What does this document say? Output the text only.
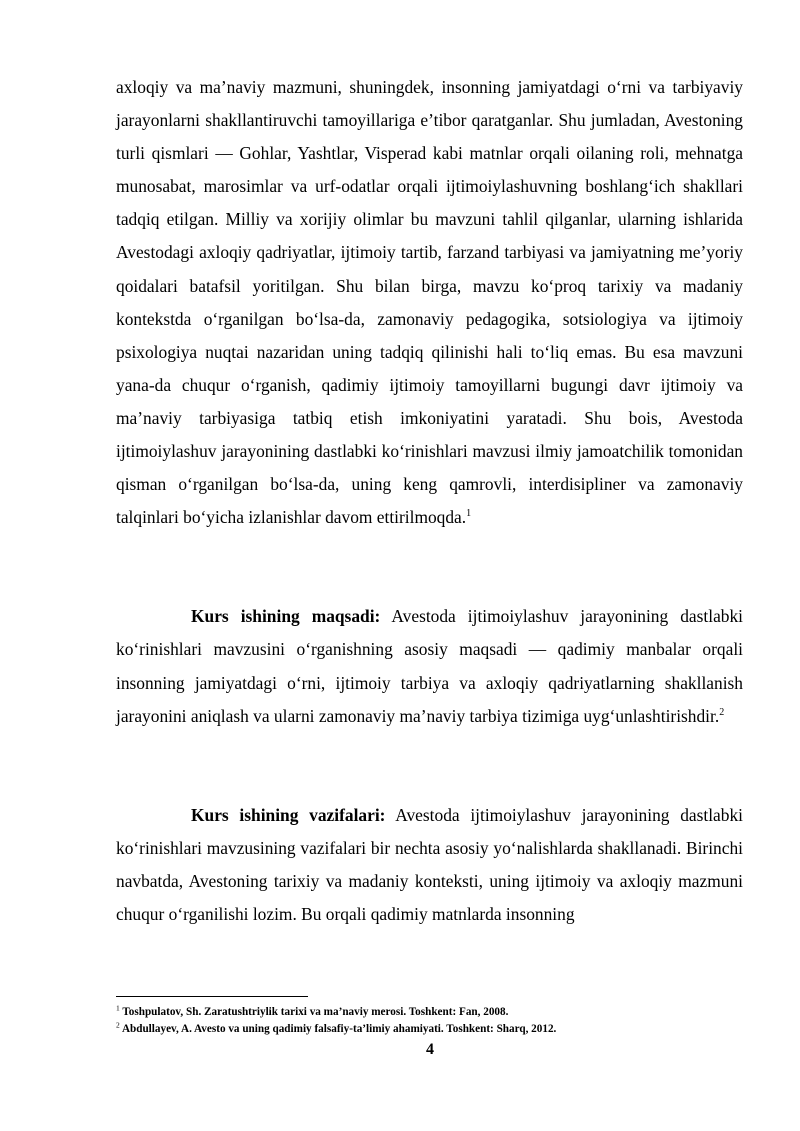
axloqiy va ma’naviy mazmuni, shuningdek, insonning jamiyatdagi o‘rni va tarbiyaviy jarayonlarni shakllantiruvchi tamoyillariga e’tibor qaratganlar. Shu jumladan, Avestoning turli qismlari — Gohlar, Yashtlar, Visperad kabi matnlar orqali oilaning roli, mehnatga munosabat, marosimlar va urf-odatlar orqali ijtimoiylashuvning boshlang‘ich shakllari tadqiq etilgan. Milliy va xorijiy olimlar bu mavzuni tahlil qilganlar, ularning ishlarida Avestodagi axloqiy qadriyatlar, ijtimoiy tartib, farzand tarbiyasi va jamiyatning me’yoriy qoidalari batafsil yoritilgan. Shu bilan birga, mavzu ko‘proq tarixiy va madaniy kontekstda o‘rganilgan bo‘lsa-da, zamonaviy pedagogika, sotsiologiya va ijtimoiy psixologiya nuqtai nazaridan uning tadqiq qilinishi hali to‘liq emas. Bu esa mavzuni yana-da chuqur o‘rganish, qadimiy ijtimoiy tamoyillarni bugungi davr ijtimoiy va ma’naviy tarbiyasiga tatbiq etish imkoniyatini yaratadi. Shu bois, Avestoda ijtimoiylashuv jarayonining dastlabki ko‘rinishlari mavzusi ilmiy jamoatchilik tomonidan qisman o‘rganilgan bo‘lsa-da, uning keng qamrovli, interdisipliner va zamonaviy talqinlari bo‘yicha izlanishlar davom ettirilmoqda.$^1$

Kurs ishining maqsadi: Avestoda ijtimoiylashuv jarayonining dastlabki ko‘rinishlari mavzusini o‘rganishning asosiy maqsadi — qadimiy manbalar orqali insonning jamiyatdagi o‘rni, ijtimoiy tarbiya va axloqiy qadriyatlarning shakllanish jarayonini aniqlash va ularni zamonaviy ma’naviy tarbiya tizimiga uyg‘unlashtirishdir.$^2$

Kurs ishining vazifalari: Avestoda ijtimoiylashuv jarayonining dastlabki ko‘rinishlari mavzusining vazifalari bir nechta asosiy yo‘nalishlarda shakllanadi. Birinchi navbatda, Avestoning tarixiy va madaniy konteksti, uning ijtimoiy va axloqiy mazmuni chuqur o‘rganilishi lozim. Bu orqali qadimiy matnlarda insonning

$^1$ Toshpulatov, Sh. Zaratushtriylik tarixi va ma’naviy merosi. Toshkent: Fan, 2008.

$^2$ Abdullayev, A. Avesto va uning qadimiy falsafiy-ta’limiy ahamiyati. Toshkent: Sharq, 2012.

4
